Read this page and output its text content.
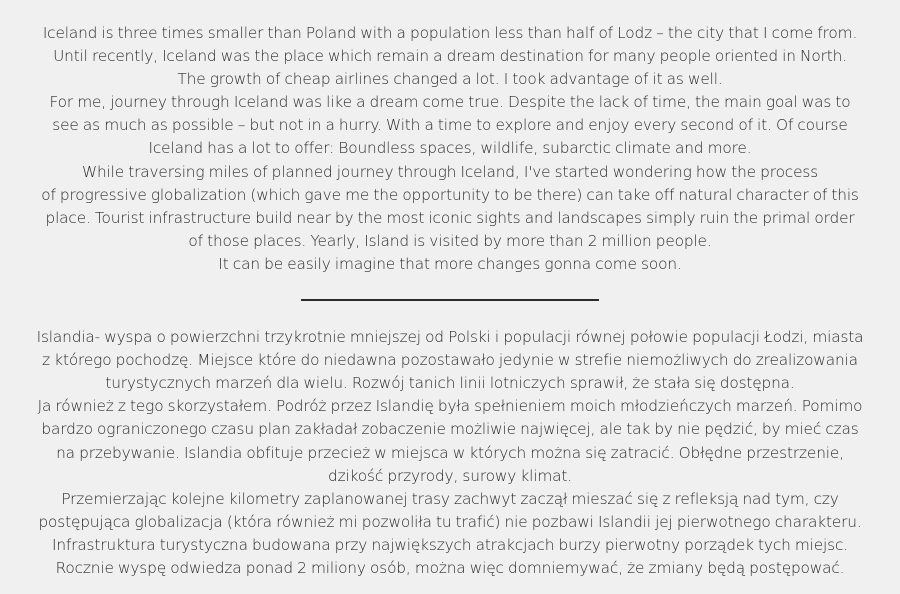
Iceland is three times smaller than Poland with a population less than half of Lodz – the city that I come from.
Until recently, Iceland was the place which remain a dream destination for many people oriented in North.
The growth of cheap airlines changed a lot. I took advantage of it as well.
For me, journey through Iceland was like a dream come true. Despite the lack of time, the main goal was to
see as much as possible – but not in a hurry. With a time to explore and enjoy every second of it. Of course
Iceland has a lot to offer: Boundless spaces, wildlife, subarctic climate and more.
While traversing miles of planned journey through Iceland, I've started wondering how the process
of progressive globalization (which gave me the opportunity to be there) can take off natural character of this
place. Tourist infrastructure build near by the most iconic sights and landscapes simply ruin the primal order
of those places. Yearly, Island is visited by more than 2 million people.
It can be easily imagine that more changes gonna come soon.
Islandia- wyspa o powierzchni trzykrotnie mniejszej od Polski i populacji równej połowie populacji Łodzi, miasta
z którego pochodzę. Miejsce które do niedawna pozostawało jedynie w strefie niemożliwych do zrealizowania
turystycznych marzeń dla wielu. Rozwój tanich linii lotniczych sprawił, że stała się dostępna.
Ja również z tego skorzystałem. Podróż przez Islandię była spełnieniem moich młodzieńczych marzeń. Pomimo
bardzo ograniczonego czasu plan zakładał zobaczenie możliwie najwięcej, ale tak by nie pędzić, by mieć czas
na przebywanie. Islandia obfituje przecież w miejsca w których można się zatracić. Obłędne przestrzenie,
dzikość przyrody, surowy klimat.
Przemierzając kolejne kilometry zaplanowanej trasy zachwyt zaczął mieszać się z refleksją nad tym, czy
postępująca globalizacja (która również mi pozwoliła tu trafić) nie pozbawi Islandii jej pierwotnego charakteru.
Infrastruktura turystyczna budowana przy największych atrakcjach burzy pierwotny porządek tych miejsc.
Rocznie wyspę odwiedza ponad 2 miliony osób, można więc domniemywać, że zmiany będą postępować.
